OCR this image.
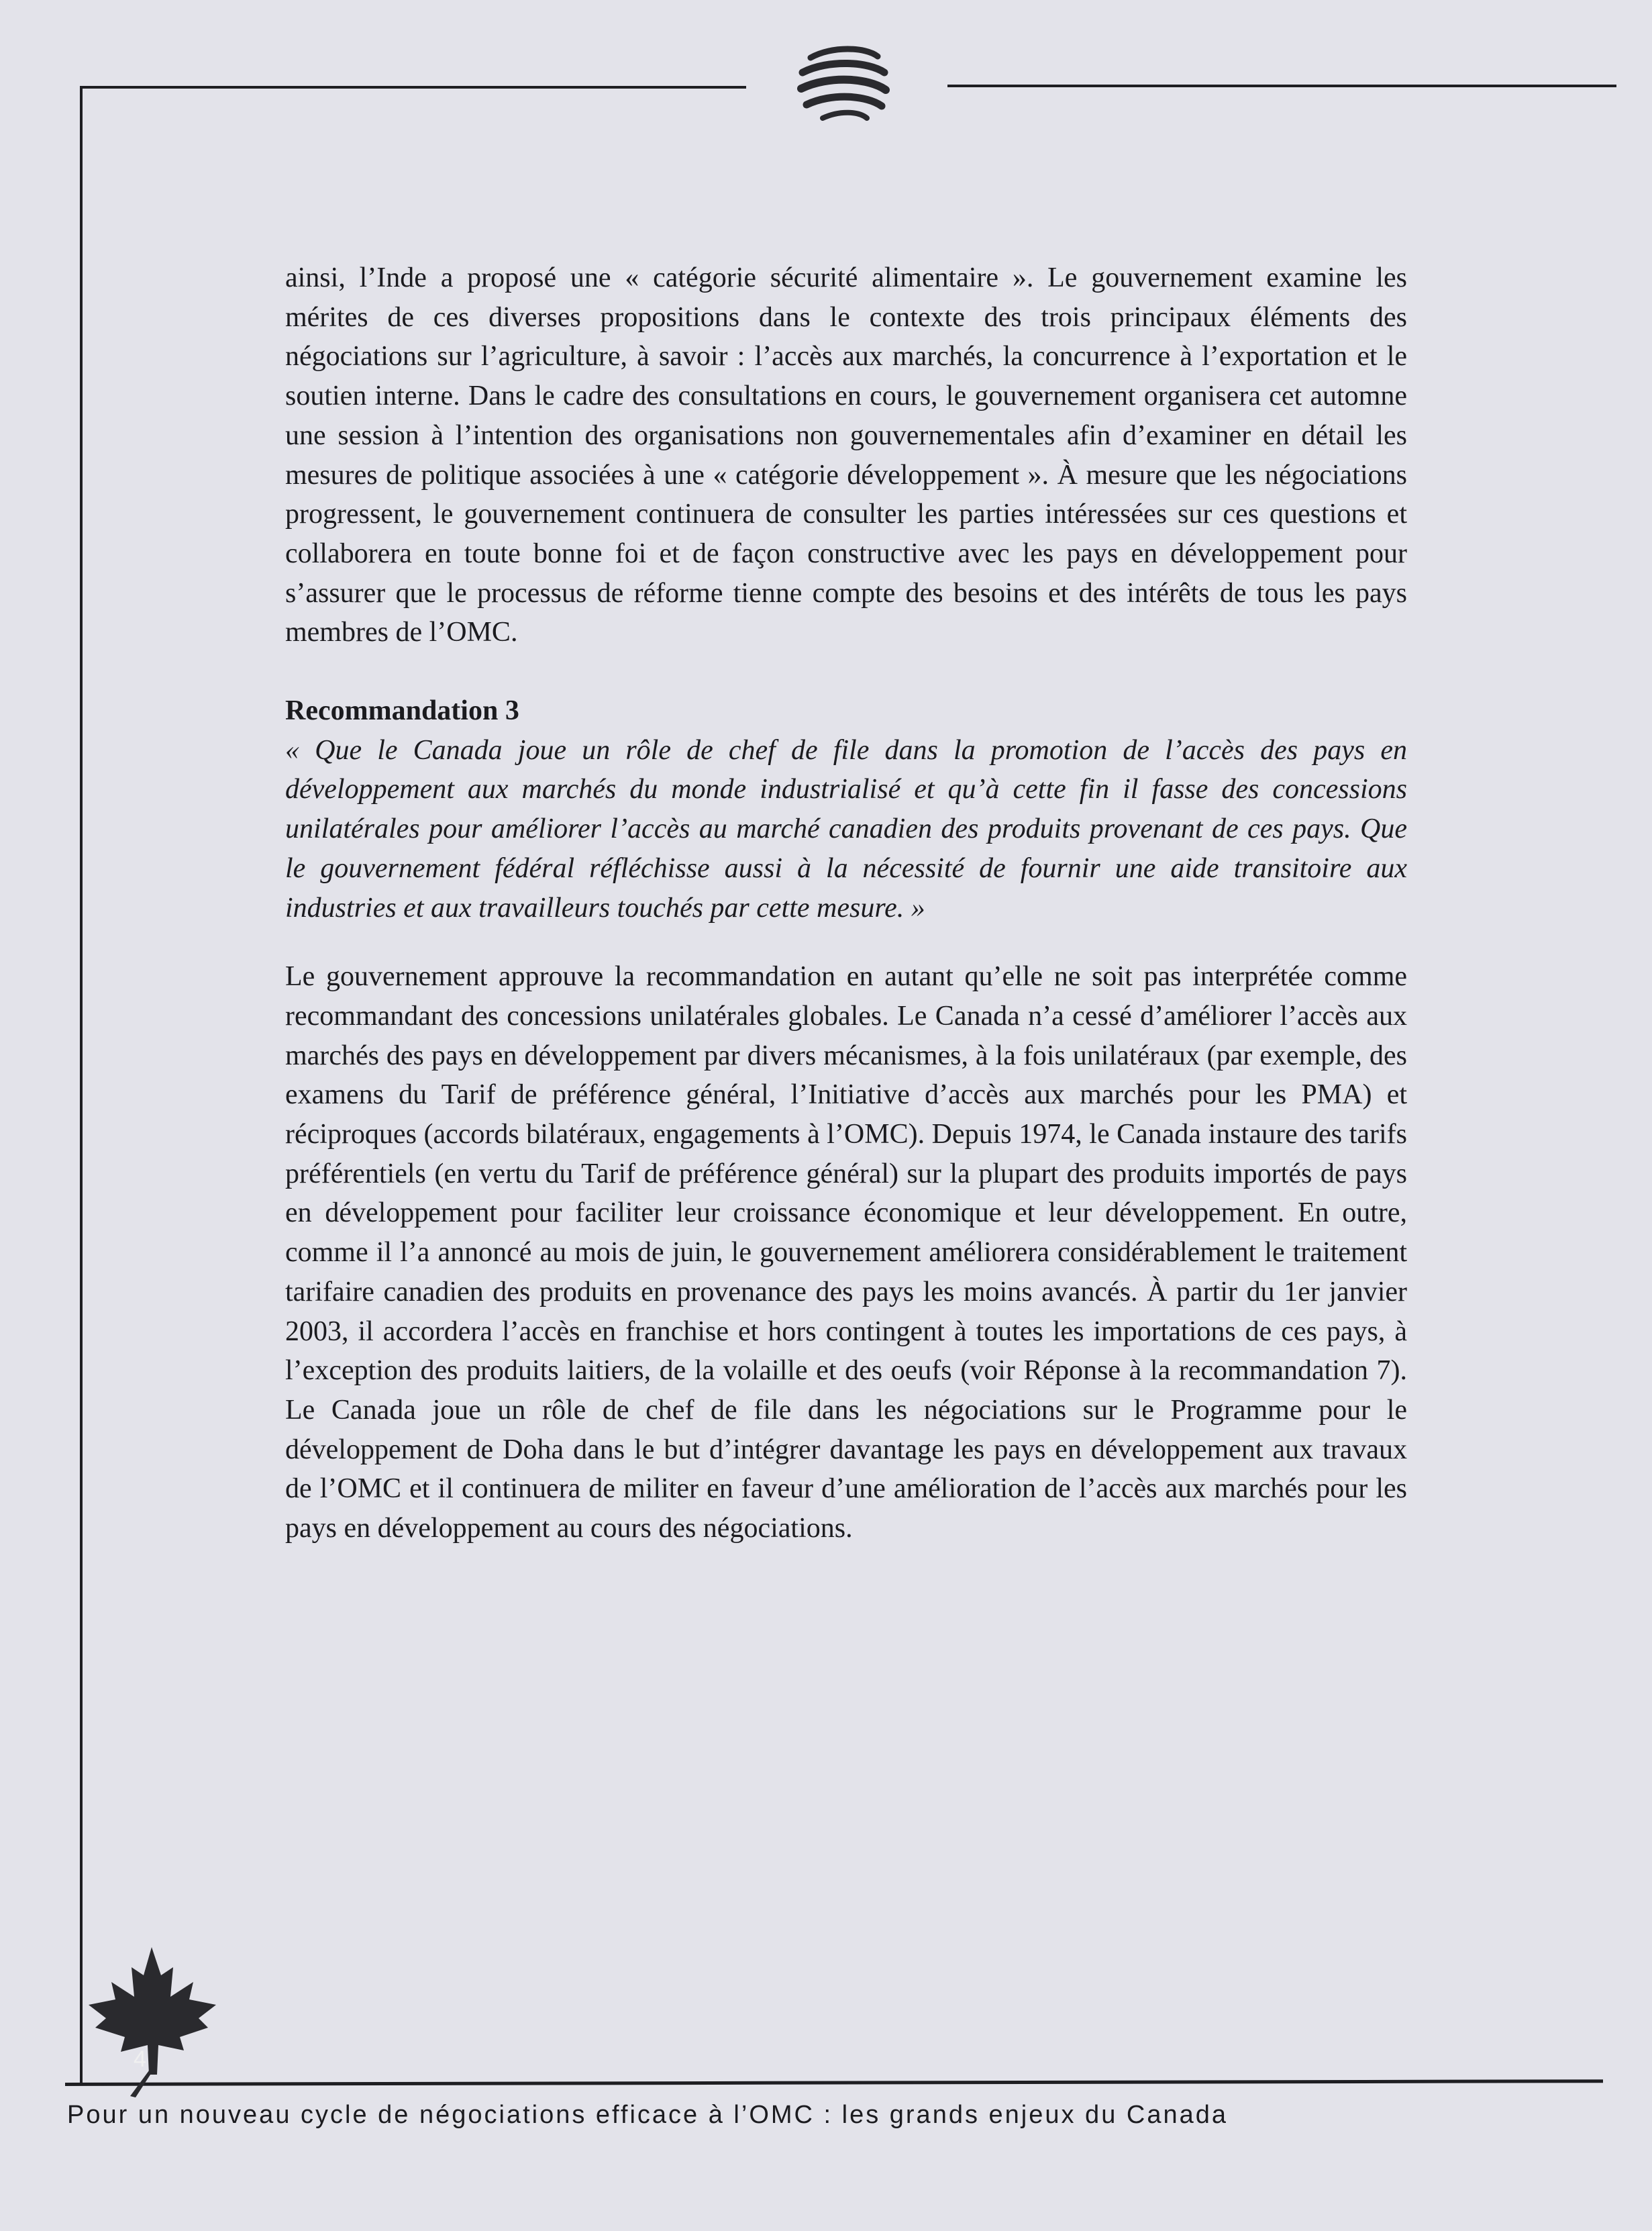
ainsi, l’Inde a proposé une « catégorie sécurité alimentaire ». Le gouvernement examine les mérites de ces diverses propositions dans le contexte des trois principaux éléments des négociations sur l’agriculture, à savoir : l’accès aux marchés, la concurrence à l’exportation et le soutien interne. Dans le cadre des consultations en cours, le gouvernement organisera cet automne une session à l’intention des organisations non gouvernementales afin d’examiner en détail les mesures de politique associées à une « catégorie développement ». À mesure que les négociations progressent, le gouvernement continuera de consulter les parties intéressées sur ces questions et collaborera en toute bonne foi et de façon constructive avec les pays en développement pour s’assurer que le processus de réforme tienne compte des besoins et des intérêts de tous les pays membres de l’OMC.

Recommandation 3

« Que le Canada joue un rôle de chef de file dans la promotion de l’accès des pays en développement aux marchés du monde industrialisé et qu’à cette fin il fasse des concessions unilatérales pour améliorer l’accès au marché canadien des produits provenant de ces pays. Que le gouvernement fédéral réfléchisse aussi à la nécessité de fournir une aide transitoire aux industries et aux travailleurs touchés par cette mesure. »

Le gouvernement approuve la recommandation en autant qu’elle ne soit pas interprétée comme recommandant des concessions unilatérales globales. Le Canada n’a cessé d’améliorer l’accès aux marchés des pays en développement par divers mécanismes, à la fois unilatéraux (par exemple, des examens du Tarif de préférence général, l’Initiative d’accès aux marchés pour les PMA) et réciproques (accords bilatéraux, engagements à l’OMC). Depuis 1974, le Canada instaure des tarifs préférentiels (en vertu du Tarif de préférence général) sur la plupart des produits importés de pays en développement pour faciliter leur croissance économique et leur développement. En outre, comme il l’a annoncé au mois de juin, le gouvernement améliorera considérablement le traitement tarifaire canadien des produits en provenance des pays les moins avancés. À partir du 1er janvier 2003, il accordera l’accès en franchise et hors contingent à toutes les importations de ces pays, à l’exception des produits laitiers, de la volaille et des oeufs (voir Réponse à la recommandation 7). Le Canada joue un rôle de chef de file dans les négociations sur le Programme pour le développement de Doha dans le but d’intégrer davantage les pays en développement aux travaux de l’OMC et il continuera de militer en faveur d’une amélioration de l’accès aux marchés pour les pays en développement au cours des négociations.

4
Pour un nouveau cycle de négociations efficace à l’OMC : les grands enjeux du Canada
